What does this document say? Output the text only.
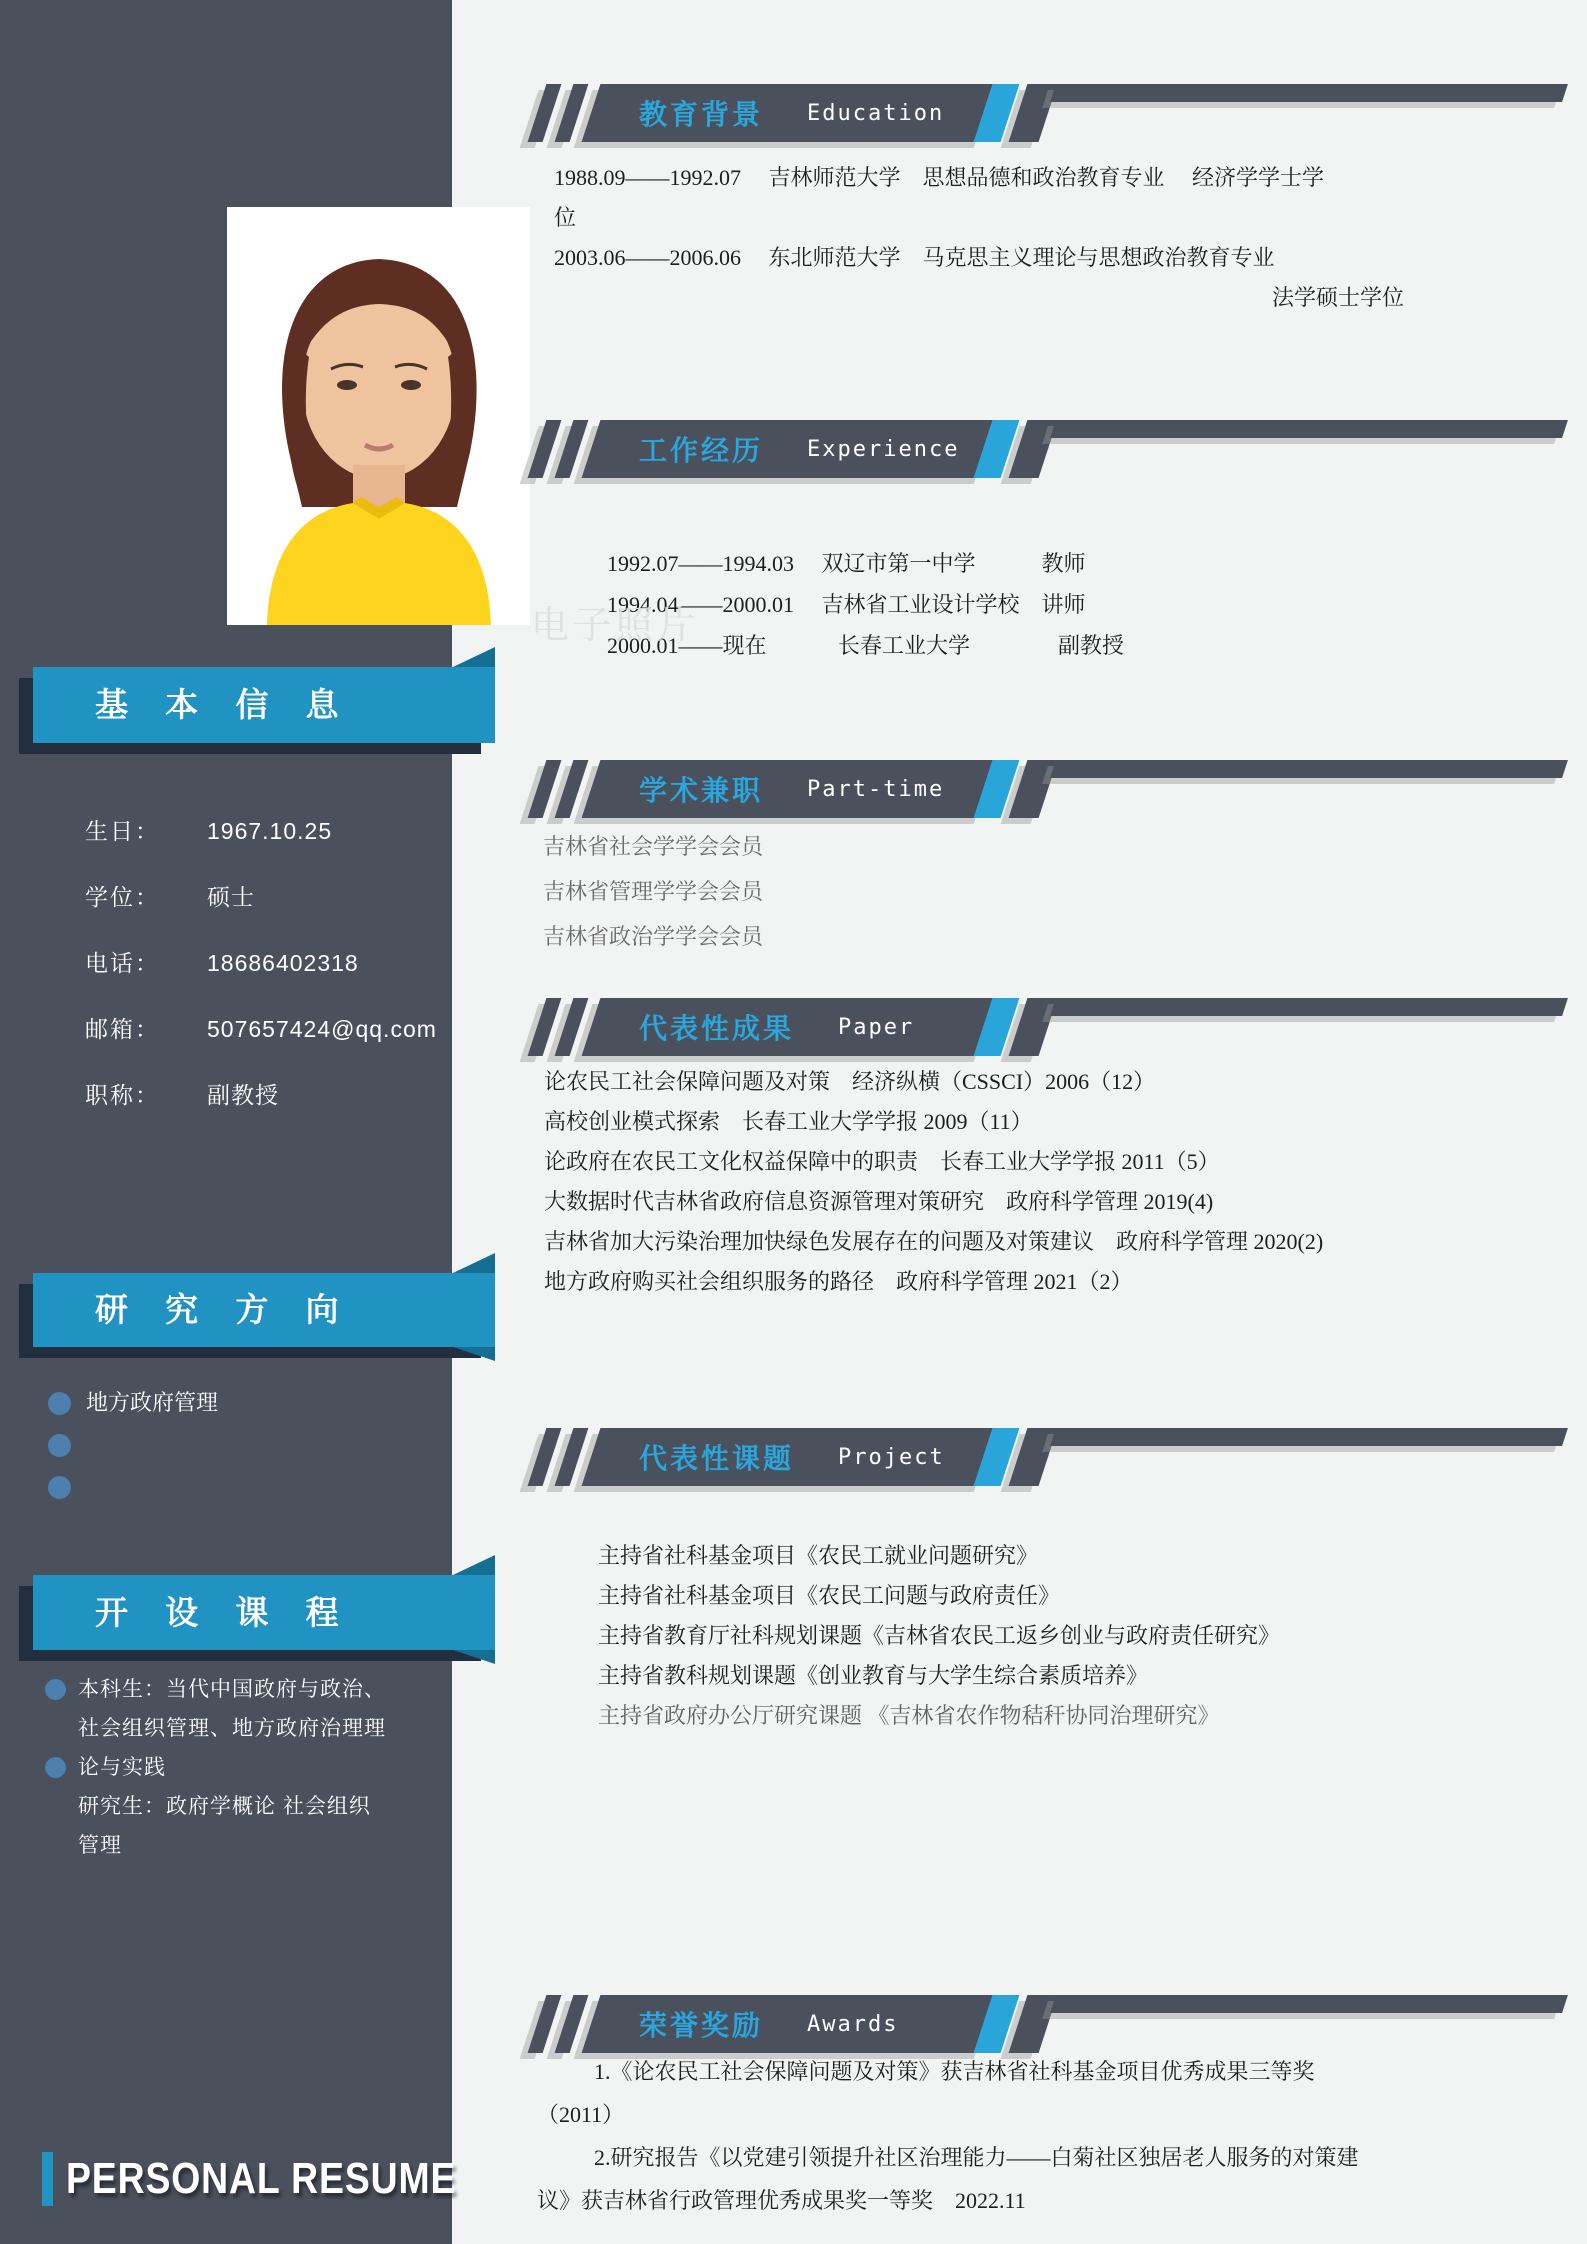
电子照片
基 本 信 息
生日：	1967.10.25
学位：	硕士
电话：	18686402318
邮箱：	507657424@qq.com
职称：	副教授
研 究 方 向
地方政府管理
开 设 课 程
本科生：当代中国政府与政治、
社会组织管理、地方政府治理理
论与实践
研究生：政府学概论 社会组织
管理
PERSONAL RESUME
教育背景 Education
1988.09——1992.07　 吉林师范大学　思想品德和政治教育专业　 经济学学士学
位
2003.06——2006.06　 东北师范大学　马克思主义理论与思想政治教育专业
法学硕士学位
工作经历 Experience
1992.07——1994.03　 双辽市第一中学　　　教师
1994.04——2000.01　 吉林省工业设计学校　讲师
2000.01——现在　　　 长春工业大学　　　　副教授
学术兼职 Part-time
吉林省社会学学会会员
吉林省管理学学会会员
吉林省政治学学会会员
代表性成果 Paper
论农民工社会保障问题及对策　经济纵横（CSSCI）2006（12）
高校创业模式探索　长春工业大学学报 2009（11）
论政府在农民工文化权益保障中的职责　长春工业大学学报 2011（5）
大数据时代吉林省政府信息资源管理对策研究　政府科学管理 2019(4)
吉林省加大污染治理加快绿色发展存在的问题及对策建议　政府科学管理 2020(2)
地方政府购买社会组织服务的路径　政府科学管理 2021（2）
代表性课题 Project
主持省社科基金项目《农民工就业问题研究》
主持省社科基金项目《农民工问题与政府责任》
主持省教育厅社科规划课题《吉林省农民工返乡创业与政府责任研究》
主持省教科规划课题《创业教育与大学生综合素质培养》
主持省政府办公厅研究课题 《吉林省农作物秸秆协同治理研究》
荣誉奖励 Awards
1.《论农民工社会保障问题及对策》获吉林省社科基金项目优秀成果三等奖
（2011）
2.研究报告《以党建引领提升社区治理能力——白菊社区独居老人服务的对策建
议》获吉林省行政管理优秀成果奖一等奖　2022.11
